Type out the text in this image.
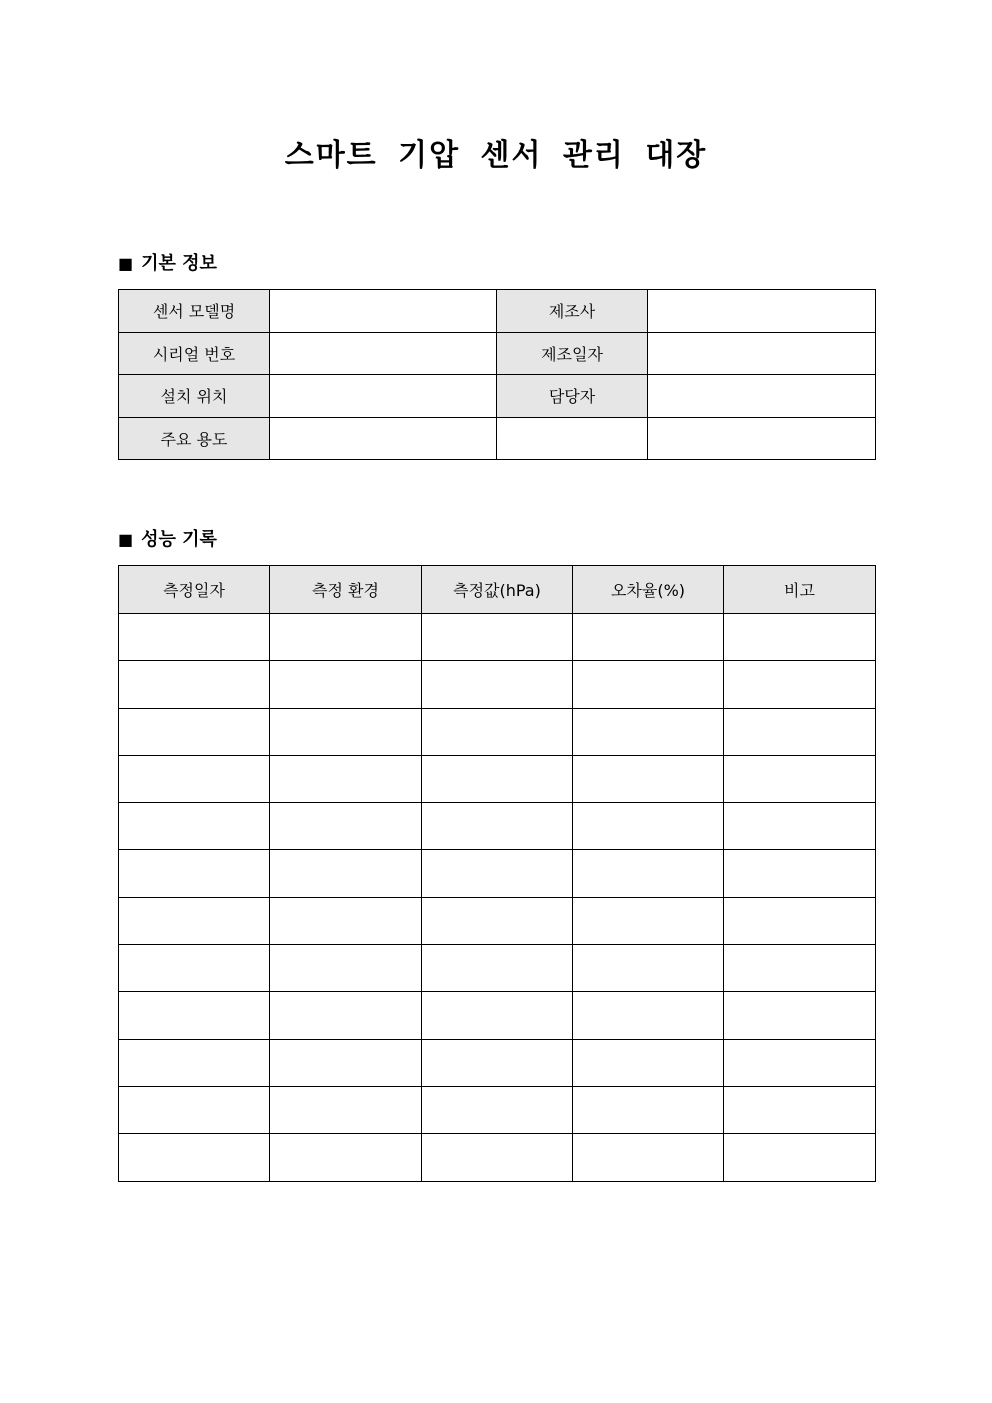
스마트 기압 센서 관리 대장
■ 기본 정보
센서 모델명		제조사	
시리얼 번호		제조일자	
설치 위치		담당자	
주요 용도			
■ 성능 기록
측정일자	측정 환경	측정값(hPa)	오차율(%)	비고
